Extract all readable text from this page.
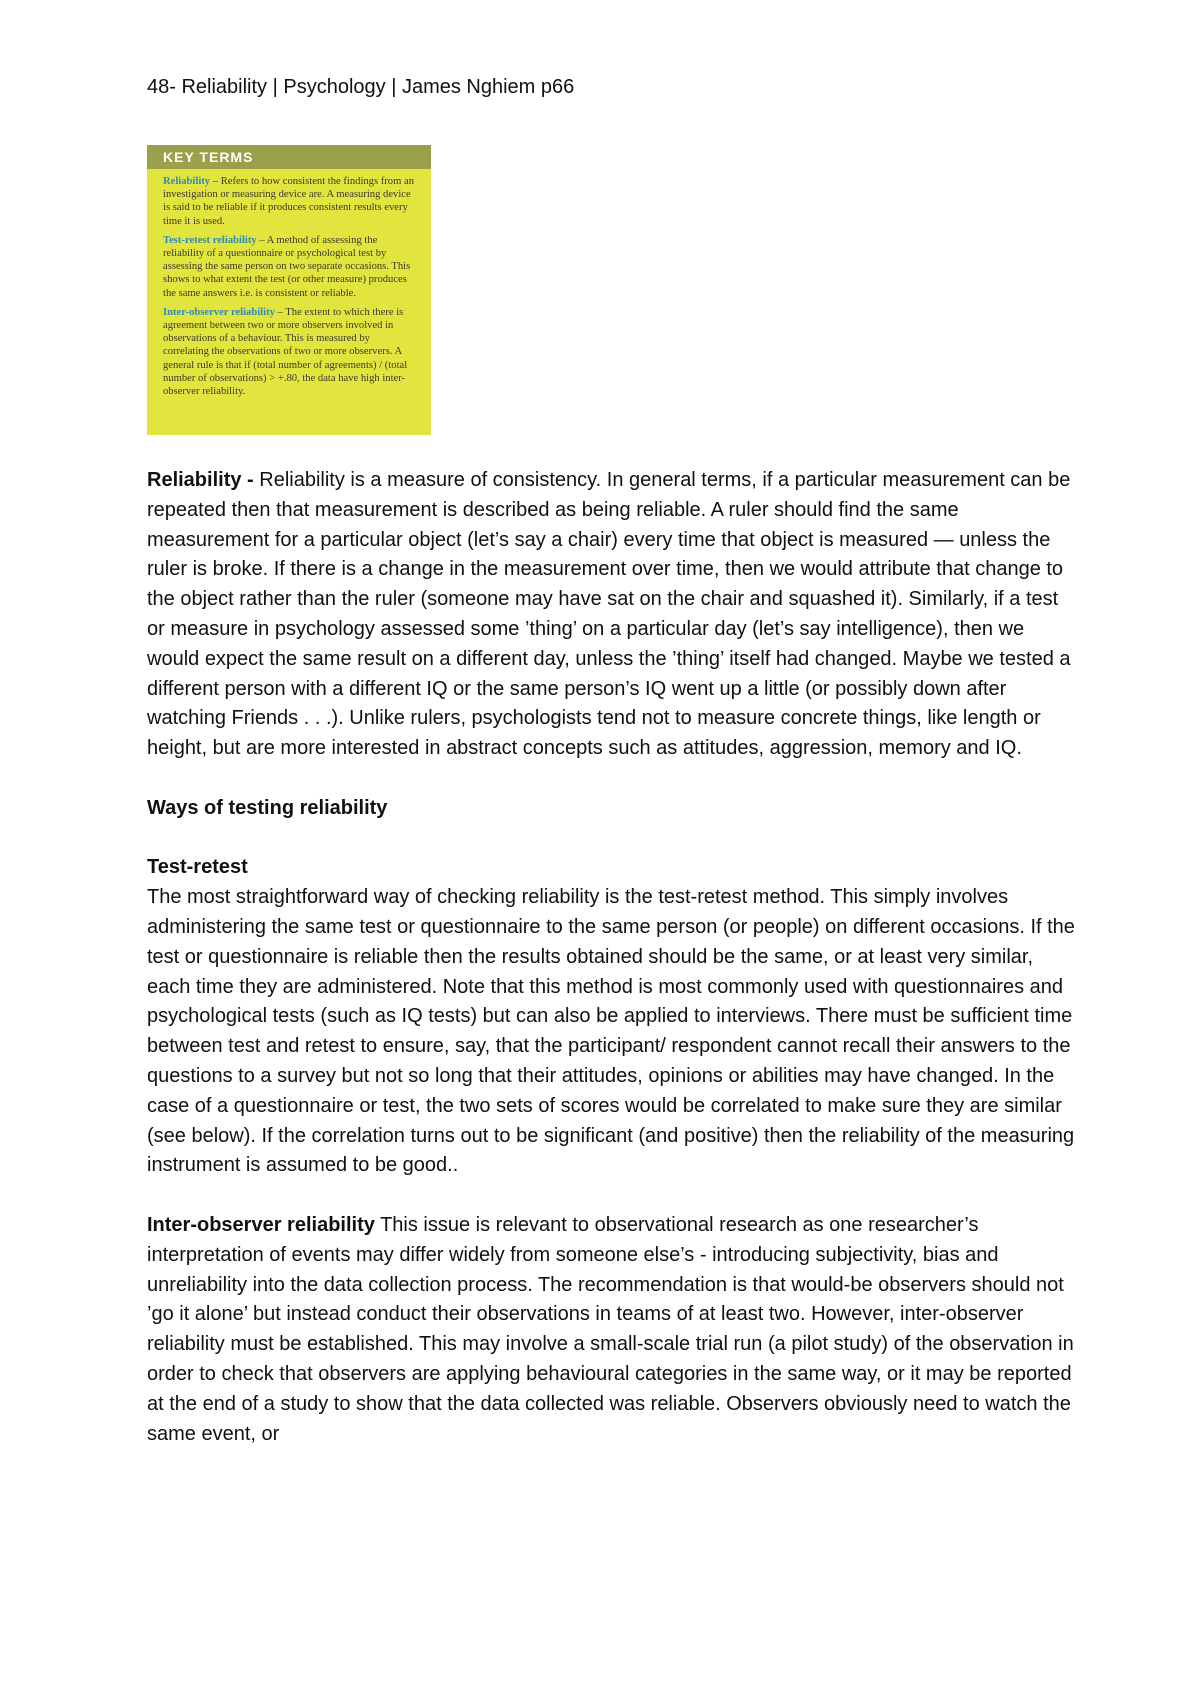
48- Reliability | Psychology | James Nghiem p66
KEY TERMS
Reliability – Refers to how consistent the findings from an investigation or measuring device are. A measuring device is said to be reliable if it produces consistent results every time it is used.
Test-retest reliability – A method of assessing the reliability of a questionnaire or psychological test by assessing the same person on two separate occasions. This shows to what extent the test (or other measure) produces the same answers i.e. is consistent or reliable.
Inter-observer reliability – The extent to which there is agreement between two or more observers involved in observations of a behaviour. This is measured by correlating the observations of two or more observers. A general rule is that if (total number of agreements) / (total number of observations) > +.80, the data have high inter-observer reliability.

Reliability - Reliability is a measure of consistency. In general terms, if a particular measurement can be repeated then that measurement is described as being reliable. A ruler should find the same measurement for a particular object (let’s say a chair) every time that object is measured — unless the ruler is broke. If there is a change in the measurement over time, then we would attribute that change to the object rather than the ruler (someone may have sat on the chair and squashed it). Similarly, if a test or measure in psychology assessed some ’thing’ on a particular day (let’s say intelligence), then we would expect the same result on a different day, unless the ’thing’ itself had changed. Maybe we tested a different person with a different IQ or the same person’s IQ went up a little (or possibly down after watching Friends . . .). Unlike rulers, psychologists tend not to measure concrete things, like length or height, but are more interested in abstract concepts such as attitudes, aggression, memory and IQ.

Ways of testing reliability

Test-retest

The most straightforward way of checking reliability is the test-retest method. This simply involves administering the same test or questionnaire to the same person (or people) on different occasions. If the test or questionnaire is reliable then the results obtained should be the same, or at least very similar, each time they are administered. Note that this method is most commonly used with questionnaires and psychological tests (such as IQ tests) but can also be applied to interviews. There must be sufficient time between test and retest to ensure, say, that the participant/ respondent cannot recall their answers to the questions to a survey but not so long that their attitudes, opinions or abilities may have changed. In the case of a questionnaire or test, the two sets of scores would be correlated to make sure they are similar (see below). If the correlation turns out to be significant (and positive) then the reliability of the measuring instrument is assumed to be good..

Inter-observer reliability This issue is relevant to observational research as one researcher’s interpretation of events may differ widely from someone else’s - introducing subjectivity, bias and unreliability into the data collection process. The recommendation is that would-be observers should not ’go it alone’ but instead conduct their observations in teams of at least two. However, inter-observer reliability must be established. This may involve a small-scale trial run (a pilot study) of the observation in order to check that observers are applying behavioural categories in the same way, or it may be reported at the end of a study to show that the data collected was reliable. Observers obviously need to watch the same event, or
